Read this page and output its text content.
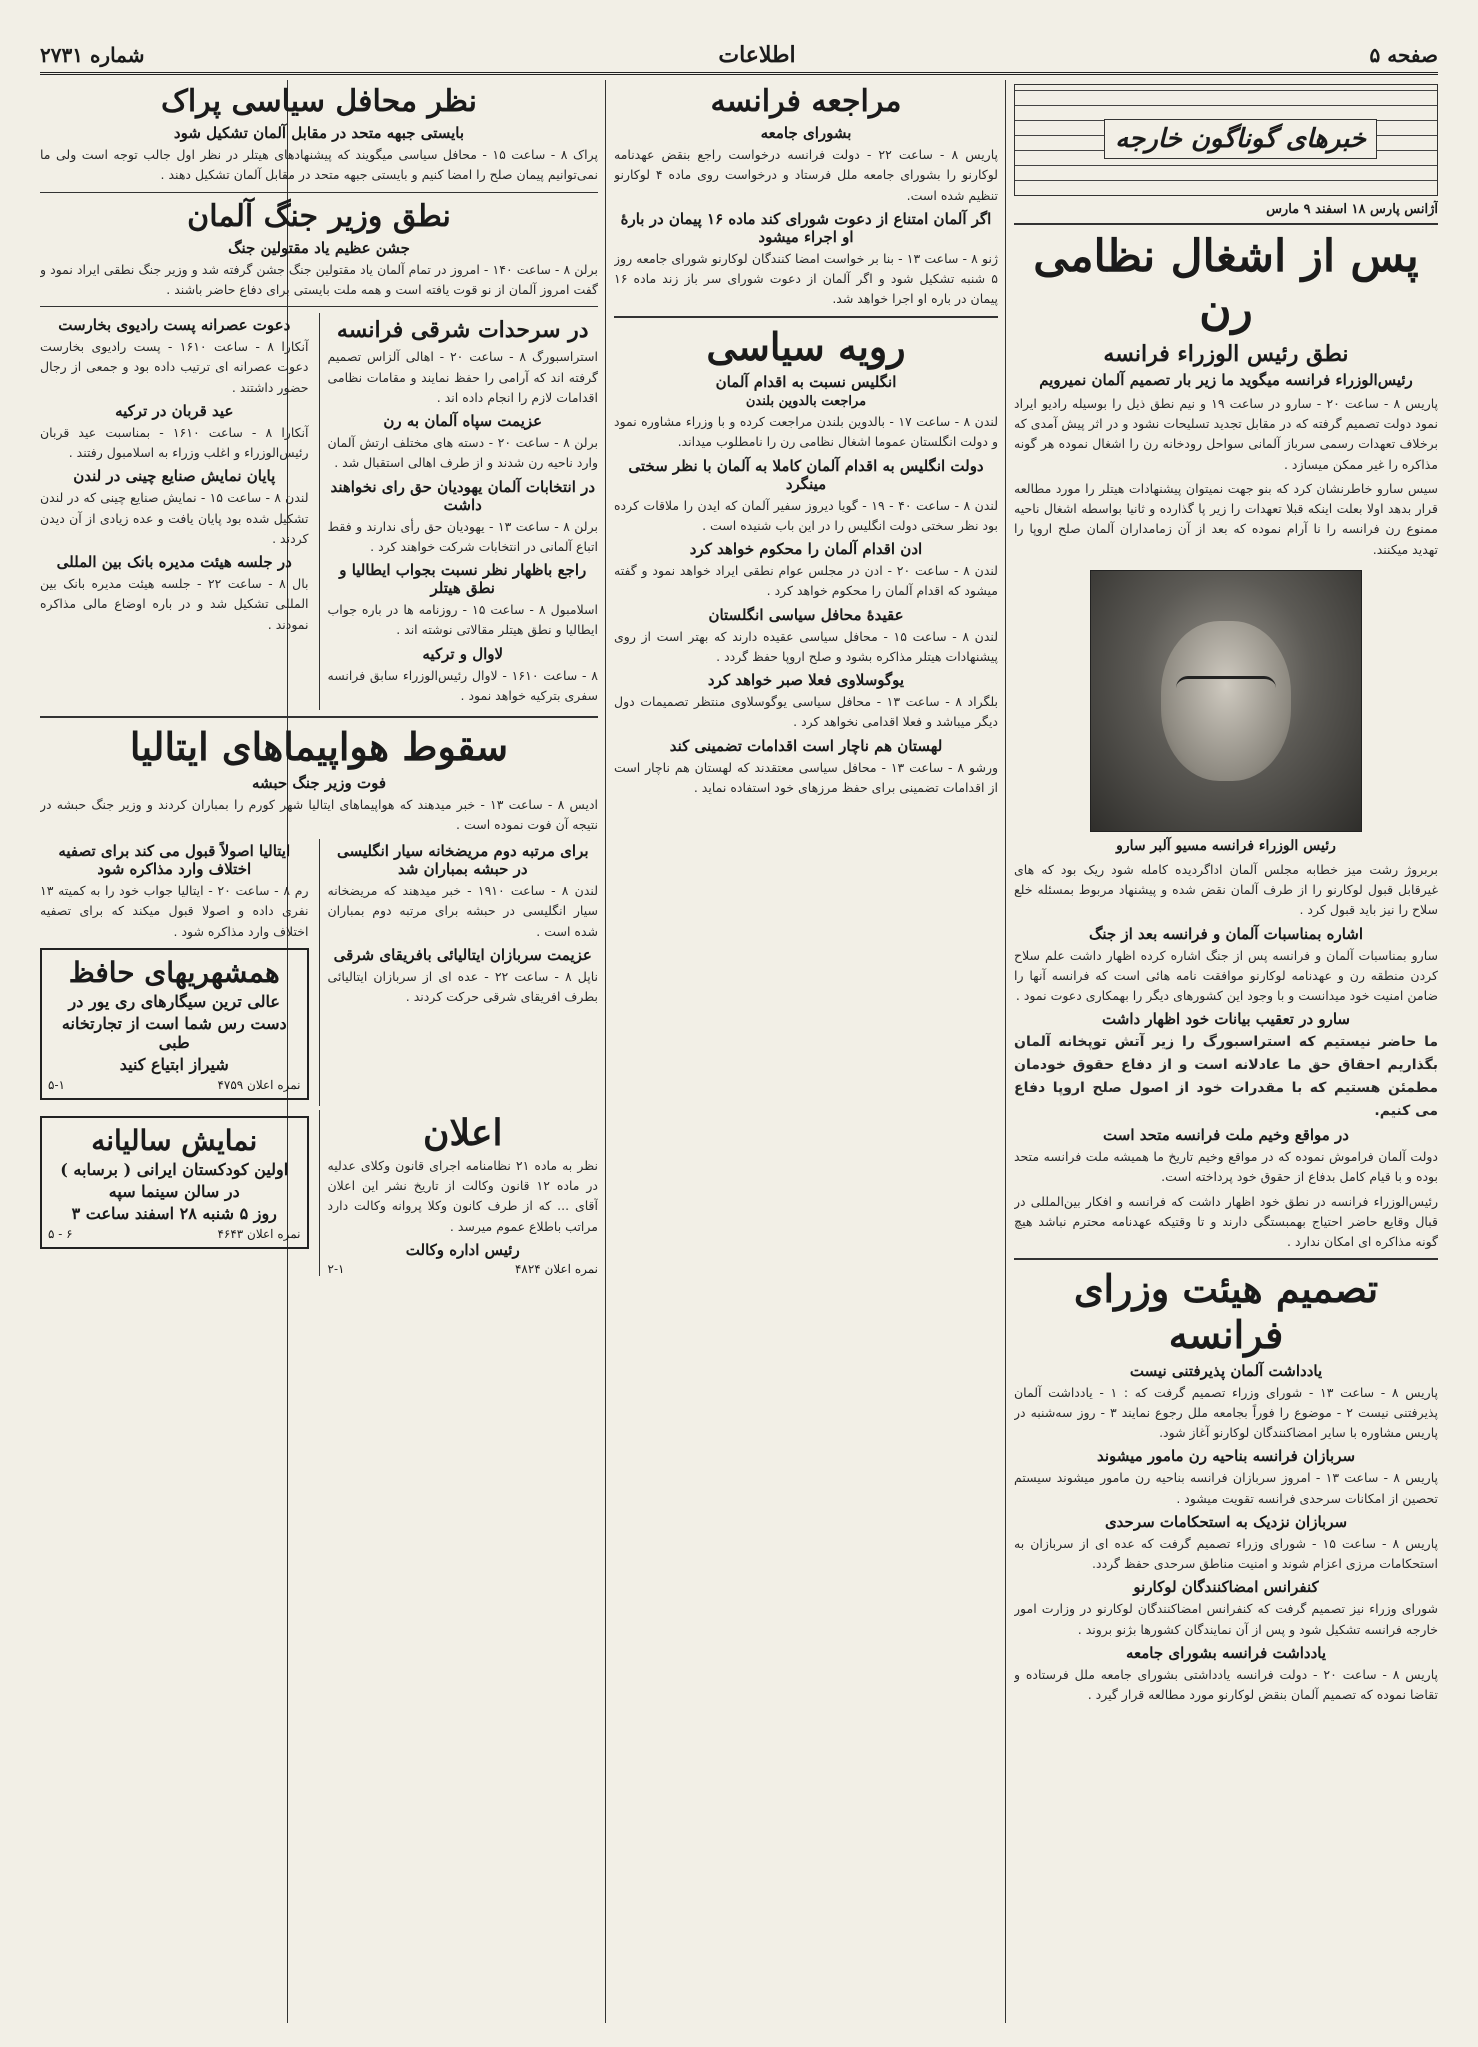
صفحه ۵
اطلاعات
شماره ۲۷۳۱
خبرهای گوناگون خارجه
آژانس پارس ۱۸ اسفند ۹ مارس
پس از اشغال نظامی رن
نطق رئیس الوزراء فرانسه
رئیس‌الوزراء فرانسه میگوید ما زیر بار تصمیم آلمان نمیرویم

پاریس ۸ - ساعت ۲۰ - سارو در ساعت ۱۹ و نیم نطق ذیل را بوسیله رادیو ایراد نمود دولت تصمیم گرفته که در مقابل تجدید تسلیحات نشود و در اثر پیش آمدی که برخلاف تعهدات رسمی سرباز آلمانی سواحل رودخانه رن را اشغال نموده هر گونه مذاکره را غیر ممکن میسازد .

سیس سارو خاطرنشان کرد که بنو جهت نمیتوان پیشنهادات هیتلر را مورد مطالعه قرار بدهد اولا بعلت اینکه قبلا تعهدات را زیر پا گذارده و ثانیا بواسطه اشغال ناحیه ممنوع رن فرانسه را نا آرام نموده که بعد از آن زمامداران آلمان صلح اروپا را تهدید میکنند.

رئیس الوزراء فرانسه مسیو آلبر سارو

بربروژ رشت میز خطابه مجلس آلمان اداگردیده کامله شود ریک بود که هاى غیرقابل قبول لوكارنو را از طرف آلمان نقض شده و پیشنهاد مربوط بمسئله خلع سلاح را نیز باید قبول کرد .

اشاره بمناسبات آلمان و فرانسه بعد از جنگ

سارو بمناسبات آلمان و فرانسه پس از جنگ اشاره کرده اظهار داشت علم سلاح کردن منطقه رن و عهدنامه لوکارنو موافقت نامه هائی است که فرانسه آنها را ضامن امنیت خود میدانست و با وجود این کشورهای دیگر را بهمکاری دعوت نمود .

سارو در تعقیب بیانات خود اظهار داشت

ما حاضر نیستیم که استراسبورگ را زیر آتش توپخانه آلمان بگذاریم احقاق حق ما عادلانه است و از دفاع حقوق خودمان مطمئن هستیم که با مقدرات خود از اصول صلح اروپا دفاع می کنیم.

در مواقع وخیم ملت فرانسه متحد است

دولت آلمان فراموش نموده که در مواقع وخیم تاریخ ما همیشه ملت فرانسه متحد بوده و با قیام کامل بدفاع از حقوق خود پرداخته است.

رئیس‌الوزراء فرانسه در نطق خود اظهار داشت که فرانسه و افکار بین‌المللی در قبال وقایع حاضر احتیاج بهمبستگی دارند و تا وقتیکه عهدنامه محترم نباشد هیچ گونه مذاکره ای امکان ندارد .

تصمیم هیئت وزرای فرانسه
یادداشت آلمان پذیرفتنی نیست

پاریس ۸ - ساعت ۱۳ - شورای وزراء تصمیم گرفت که : ۱ - یادداشت آلمان پذیرفتنی نیست ۲ - موضوع را فوراً بجامعه ملل رجوع نمایند ۳ - روز سه‌شنبه در پاریس مشاوره با سایر امضاکنندگان لوکارنو آغاز شود.

سربازان فرانسه بناحیه رن مامور میشوند

پاریس ۸ - ساعت ۱۳ - امروز سربازان فرانسه بناحیه رن مامور میشوند سیستم تحصین از امکانات سرحدی فرانسه تقویت میشود .

سربازان نزدیک به استحکامات سرحدی

پاریس ۸ - ساعت ۱۵ - شورای وزراء تصمیم گرفت که عده ای از سربازان به استحکامات مرزی اعزام شوند و امنیت مناطق سرحدی حفظ گردد.

کنفرانس امضاکنندگان لوکارنو

شورای وزراء نیز تصمیم گرفت که کنفرانس امضاکنندگان لوکارنو در وزارت امور خارجه فرانسه تشکیل شود و پس از آن نمایندگان کشورها بژنو بروند .

یادداشت فرانسه بشورای جامعه

پاریس ۸ - ساعت ۲۰ - دولت فرانسه یادداشتی بشورای جامعه ملل فرستاده و تقاضا نموده که تصمیم آلمان بنقض لوکارنو مورد مطالعه قرار گیرد .

مراجعه فرانسه
بشورای جامعه

پاریس ۸ - ساعت ۲۲ - دولت فرانسه درخواست راجع بنقض عهدنامه لوکارنو را بشورای جامعه ملل فرستاد و درخواست روی ماده ۴ لوکارنو تنظیم شده است.

اگر آلمان امتناع از دعوت شورای کند ماده ۱۶ پیمان در بارهٔ او اجراء میشود

ژنو ۸ - ساعت ۱۳ - بنا بر خواست امضا کنندگان لوکارنو شورای جامعه روز ۵ شنبه تشکیل شود و اگر آلمان از دعوت شورای سر باز زند ماده ۱۶ پیمان در باره او اجرا خواهد شد.

رویه سیاسی
انگلیس نسبت به اقدام آلمان
مراجعت بالدوین بلندن

لندن ۸ - ساعت ۱۷ - بالدوین بلندن مراجعت کرده و با وزراء مشاوره نمود و دولت انگلستان عموما اشغال نظامی رن را نامطلوب میداند.

دولت انگلیس به اقدام آلمان کاملا به آلمان با نظر سختی مینگرد

لندن ۸ - ساعت ۴۰ - ۱۹ - گویا دیروز سفیر آلمان که ایدن را ملاقات کرده بود نظر سختی دولت انگلیس را در این باب شنیده است .

ادن اقدام آلمان را محکوم خواهد کرد

لندن ۸ - ساعت ۲۰ - ادن در مجلس عوام نطقی ایراد خواهد نمود و گفته میشود که اقدام آلمان را محکوم خواهد کرد .

عقیدهٔ محافل سیاسی انگلستان

لندن ۸ - ساعت ۱۵ - محافل سیاسی عقیده دارند که بهتر است از روی پیشنهادات هیتلر مذاکره بشود و صلح اروپا حفظ گردد .

یوگوسلاوی فعلا صبر خواهد کرد

بلگراد ۸ - ساعت ۱۳ - محافل سیاسی یوگوسلاوی منتظر تصمیمات دول دیگر میباشد و فعلا اقدامی نخواهد کرد .

لهستان هم ناچار است اقدامات تضمینی کند

ورشو ۸ - ساعت ۱۳ - محافل سیاسی معتقدند که لهستان هم ناچار است از اقدامات تضمینی برای حفظ مرزهای خود استفاده نماید .

نظر محافل سیاسی پراک
بایستی جبهه متحد در مقابل آلمان تشکیل شود

پراک ۸ - ساعت ۱۵ - محافل سیاسی میگویند که پیشنهادهای هیتلر در نظر اول جالب توجه است ولی ما نمی‌توانیم پیمان صلح را امضا کنیم و بایستی جبهه متحد در مقابل آلمان تشکیل دهند .

نطق وزیر جنگ آلمان
جشن عظیم یاد مقتولین جنگ

برلن ۸ - ساعت ۱۴۰ - امروز در تمام آلمان یاد مقتولین جنگ جشن گرفته شد و وزیر جنگ نطقی ایراد نمود و گفت امروز آلمان از نو قوت یافته است و همه ملت بایستی برای دفاع حاضر باشند .

در سرحدات شرقی فرانسه

استراسبورگ ۸ - ساعت ۲۰ - اهالی آلزاس تصمیم گرفته اند که آرامی را حفظ نمایند و مقامات نظامی اقدامات لازم را انجام داده اند .

عزیمت سپاه آلمان به رن

برلن ۸ - ساعت ۲۰ - دسته های مختلف ارتش آلمان وارد ناحیه رن شدند و از طرف اهالی استقبال شد .

در انتخابات آلمان یهودیان حق رای نخواهند داشت

برلن ۸ - ساعت ۱۳ - یهودیان حق رأی ندارند و فقط اتباع آلمانی در انتخابات شرکت خواهند کرد .

راجع باظهار نظر نسبت بجواب ایطالیا و نطق هیتلر

اسلامبول ۸ - ساعت ۱۵ - روزنامه ها در باره جواب ایطالیا و نطق هیتلر مقالاتی نوشته اند .

لاوال و ترکیه

۸ - ساعت ۱۶۱۰ - لاوال رئیس‌الوزراء سابق فرانسه سفری بترکیه خواهد نمود .

دعوت عصرانه پست رادیوی بخارست

آنکارا ۸ - ساعت ۱۶۱۰ - پست رادیوی بخارست دعوت عصرانه ای ترتیب داده بود و جمعی از رجال حضور داشتند .

عید قربان در ترکیه

آنکارا ۸ - ساعت ۱۶۱۰ - بمناسبت عید قربان رئیس‌الوزراء و اغلب وزراء به اسلامبول رفتند .

پایان نمایش صنایع چینی در لندن

لندن ۸ - ساعت ۱۵ - نمایش صنایع چینی که در لندن تشکیل شده بود پایان یافت و عده زیادی از آن دیدن کردند .

در جلسه هیئت مدیره بانک بین المللی

بال ۸ - ساعت ۲۲ - جلسه هیئت مدیره بانک بین المللی تشکیل شد و در باره اوضاع مالی مذاکره نمودند .

سقوط هواپیماهای ایتالیا
فوت وزیر جنگ حبشه

ادیس ۸ - ساعت ۱۳ - خبر میدهند که هواپیماهای ایتالیا شهر کورم را بمباران کردند و وزیر جنگ حبشه در نتیجه آن فوت نموده است .

برای مرتبه دوم مریضخانه سیار انگلیسی در حبشه بمباران شد

لندن ۸ - ساعت ۱۹۱۰ - خبر میدهند که مریضخانه سیار انگلیسی در حبشه برای مرتبه دوم بمباران شده است .

عزیمت سربازان ایتالیائی بافریقای شرقی

ناپل ۸ - ساعت ۲۲ - عده ای از سربازان ایتالیائی بطرف افریقای شرقی حرکت کردند .

ایتالیا اصولاً قبول می کند برای تصفیه اختلاف وارد مذاکره شود

رم ۸ - ساعت ۲۰ - ایتالیا جواب خود را به کمیته ۱۳ نفری داده و اصولا قبول میکند که برای تصفیه اختلاف وارد مذاکره شود .

همشهریهای حافظ
عالی ترین سیگارهای ری یور در
دست رس شما است از تجارتخانه طبی
شیراز ابتیاع کنید
نمره اعلان ۴۷۵۹
۵-۱
اعلان

نظر به ماده ۲۱ نظامنامه اجرای قانون وکلای عدلیه در ماده ۱۲ قانون وکالت از تاریخ نشر این اعلان آقای ... که از طرف کانون وکلا پروانه وکالت دارد مراتب باطلاع عموم میرسد .

رئیس اداره وکالت
نمره اعلان ۴۸۲۴
۲-۱
نمایش سالیانه
اولین کودکستان ایرانی ( برسابه )
در سالن سینما سپه
روز ۵ شنبه ۲۸ اسفند ساعت ۳
نمره اعلان ۴۶۴۳
۶ - ۵
